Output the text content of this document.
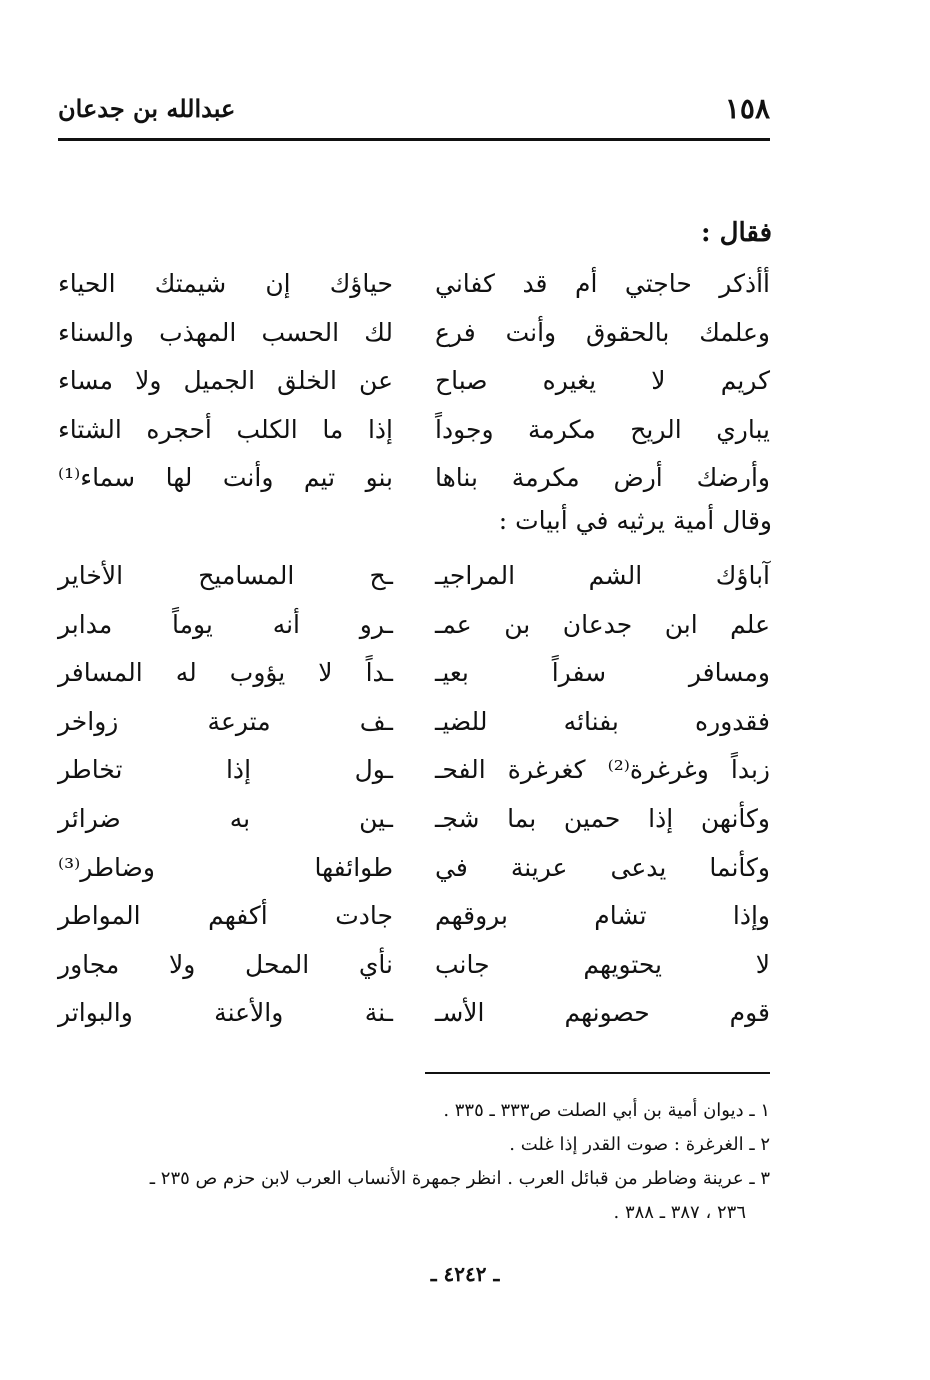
١٥٨
عبدالله بن جدعان
فقال :
أأذكر حاجتي أم قد كفاني
حياؤك إن شيمتك الحياء
وعلمك بالحقوق وأنت فرع
لك الحسب المهذب والسناء
كريم لا يغيره صباح
عن الخلق الجميل ولا مساء
يباري الريح مكرمة وجوداً
إذا ما الكلب أحجره الشتاء
وأرضك أرض مكرمة بناها
بنو تيم وأنت لها سماء⁽¹⁾
وقال أمية يرثيه في أبيات :
آباؤك الشم المراجيـ
ـح المساميح الأخاير
علم ابن جدعان بن عمـ
ـرو أنه يوماً مدابر
ومسافر سفراً بعيـ
ـداً لا يؤوب له المسافر
فقدوره بفنائه للضيـ
ـف مترعة زواخر
زبداً وغرغرة⁽²⁾ كغرغرة الفحـ
ـول إذا تخاطر
وكأنهن إذا حمين بما شجـ
ـين به ضرائر
وكأنما يدعى عرينة في
طوائفها وضاطر⁽³⁾
وإذا تشام بروقهم
جادت أكفهم المواطر
لا يحتويهم جانب
نأي المحل ولا مجاور
قوم حصونهم الأسـ
ـنة والأعنة والبواتر
١ ـ ديوان أمية بن أبي الصلت ص٣٣٣ ـ ٣٣٥ .
٢ ـ الغرغرة : صوت القدر إذا غلت .
٣ ـ عرينة وضاطر من قبائل العرب . انظر جمهرة الأنساب العرب لابن حزم ص ٢٣٥ ـ
٢٣٦ ، ٣٨٧ ـ ٣٨٨ .
ـ ٤٢٤٢ ـ
